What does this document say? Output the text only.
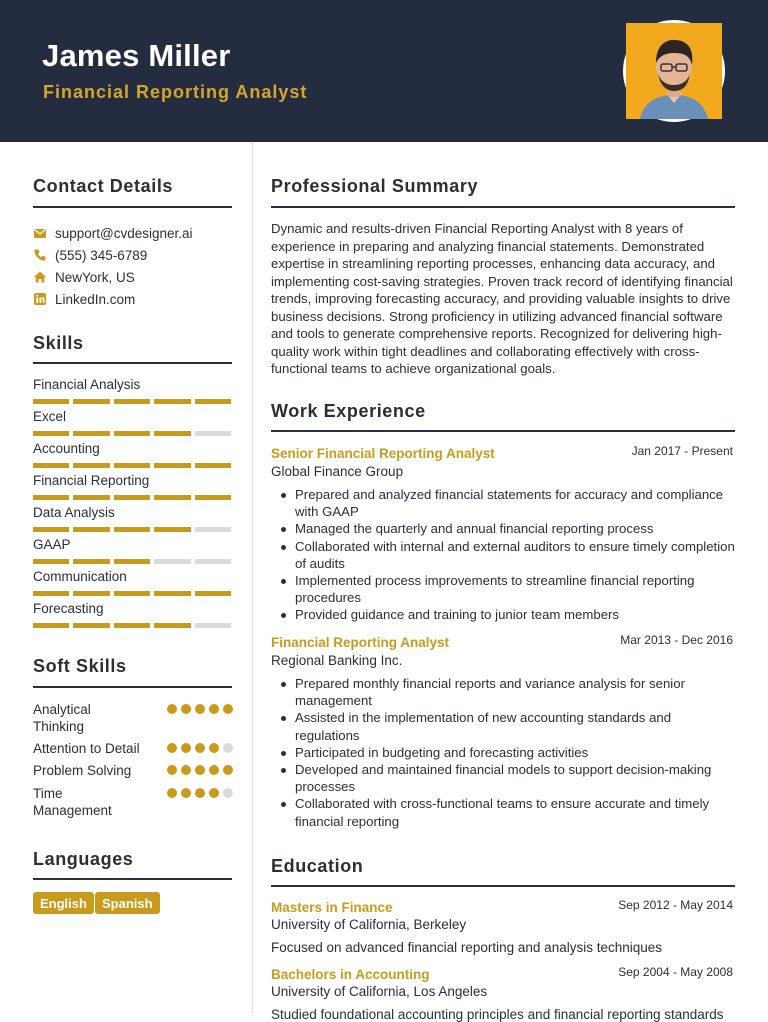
James Miller
Financial Reporting Analyst
Contact Details
support@cvdesigner.ai
(555) 345-6789
NewYork, US
LinkedIn.com
Skills
Financial Analysis
Excel
Accounting
Financial Reporting
Data Analysis
GAAP
Communication
Forecasting
Soft Skills
Analytical Thinking
Attention to Detail
Problem Solving
Time Management
Languages
English	Spanish
Professional Summary
Dynamic and results-driven Financial Reporting Analyst with 8 years of experience in preparing and analyzing financial statements. Demonstrated expertise in streamlining reporting processes, enhancing data accuracy, and implementing cost-saving strategies. Proven track record of identifying financial trends, improving forecasting accuracy, and providing valuable insights to drive business decisions. Strong proficiency in utilizing advanced financial software and tools to generate comprehensive reports. Recognized for delivering high-quality work within tight deadlines and collaborating effectively with cross-functional teams to achieve organizational goals.
Work Experience
Senior Financial Reporting Analyst	Jan 2017 - Present
Global Finance Group
Prepared and analyzed financial statements for accuracy and compliance with GAAP
Managed the quarterly and annual financial reporting process
Collaborated with internal and external auditors to ensure timely completion of audits
Implemented process improvements to streamline financial reporting procedures
Provided guidance and training to junior team members
Financial Reporting Analyst	Mar 2013 - Dec 2016
Regional Banking Inc.
Prepared monthly financial reports and variance analysis for senior management
Assisted in the implementation of new accounting standards and regulations
Participated in budgeting and forecasting activities
Developed and maintained financial models to support decision-making processes
Collaborated with cross-functional teams to ensure accurate and timely financial reporting
Education
Masters in Finance	Sep 2012 - May 2014
University of California, Berkeley
Focused on advanced financial reporting and analysis techniques
Bachelors in Accounting	Sep 2004 - May 2008
University of California, Los Angeles
Studied foundational accounting principles and financial reporting standards
